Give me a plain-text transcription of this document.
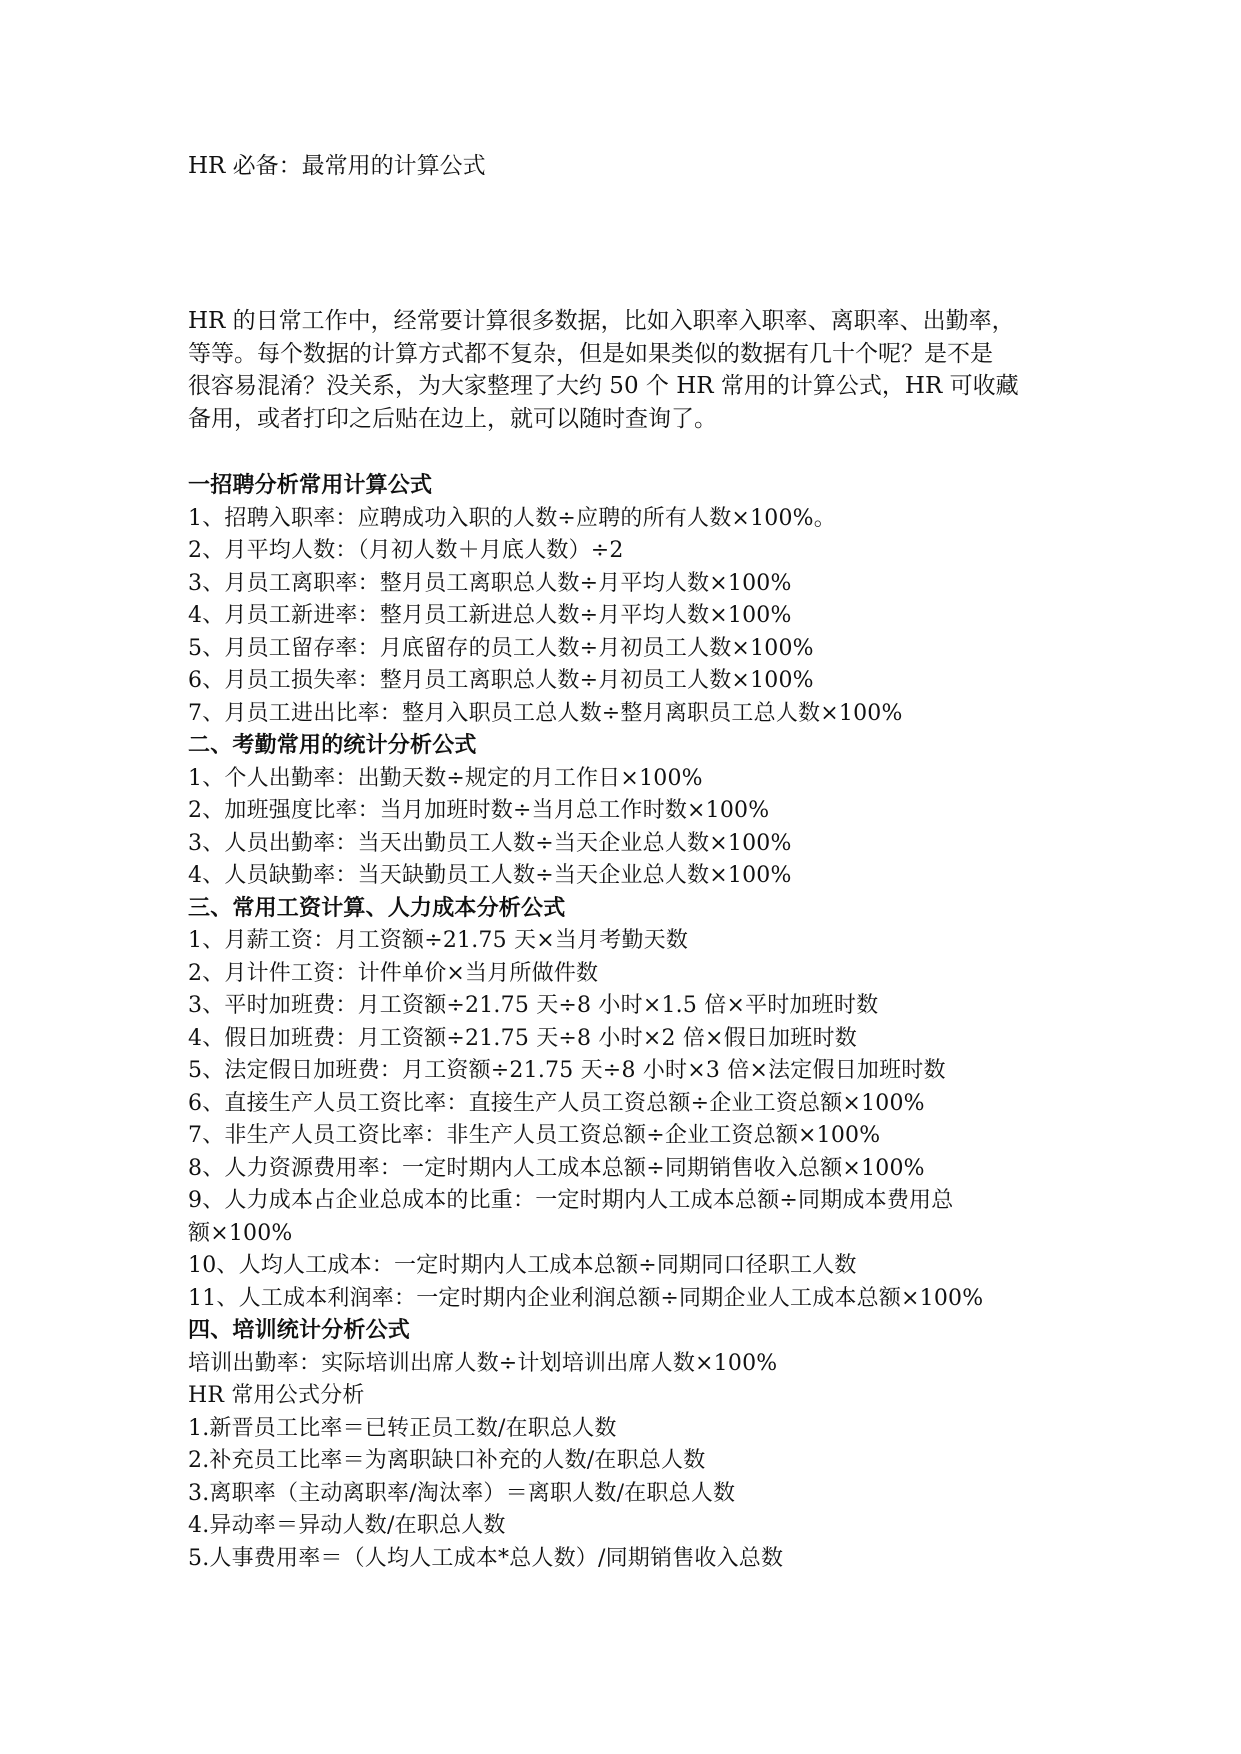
HR 必备：最常用的计算公式

HR 的日常工作中，经常要计算很多数据，比如入职率入职率、离职率、出勤率，

等等。每个数据的计算方式都不复杂，但是如果类似的数据有几十个呢？是不是

很容易混淆？没关系，为大家整理了大约 50 个 HR 常用的计算公式，HR 可收藏

备用，或者打印之后贴在边上，就可以随时查询了。

一招聘分析常用计算公式
1、招聘入职率：应聘成功入职的人数÷应聘的所有人数×100%。
2、月平均人数：（月初人数＋月底人数）÷2
3、月员工离职率：整月员工离职总人数÷月平均人数×100%
4、月员工新进率：整月员工新进总人数÷月平均人数×100%
5、月员工留存率：月底留存的员工人数÷月初员工人数×100%
6、月员工损失率：整月员工离职总人数÷月初员工人数×100%
7、月员工进出比率：整月入职员工总人数÷整月离职员工总人数×100%
二、考勤常用的统计分析公式
1、个人出勤率：出勤天数÷规定的月工作日×100%
2、加班强度比率：当月加班时数÷当月总工作时数×100%
3、人员出勤率：当天出勤员工人数÷当天企业总人数×100%
4、人员缺勤率：当天缺勤员工人数÷当天企业总人数×100%
三、常用工资计算、人力成本分析公式
1、月薪工资：月工资额÷21.75 天×当月考勤天数
2、月计件工资：计件单价×当月所做件数
3、平时加班费：月工资额÷21.75 天÷8 小时×1.5 倍×平时加班时数
4、假日加班费：月工资额÷21.75 天÷8 小时×2 倍×假日加班时数
5、法定假日加班费：月工资额÷21.75 天÷8 小时×3 倍×法定假日加班时数
6、直接生产人员工资比率：直接生产人员工资总额÷企业工资总额×100%
7、非生产人员工资比率：非生产人员工资总额÷企业工资总额×100%
8、人力资源费用率：一定时期内人工成本总额÷同期销售收入总额×100%
9、人力成本占企业总成本的比重：一定时期内人工成本总额÷同期成本费用总
额×100%
10、人均人工成本：一定时期内人工成本总额÷同期同口径职工人数
11、人工成本利润率：一定时期内企业利润总额÷同期企业人工成本总额×100%
四、培训统计分析公式
培训出勤率：实际培训出席人数÷计划培训出席人数×100%
HR 常用公式分析
1.新晋员工比率＝已转正员工数/在职总人数
2.补充员工比率＝为离职缺口补充的人数/在职总人数
3.离职率（主动离职率/淘汰率）＝离职人数/在职总人数
4.异动率＝异动人数/在职总人数
5.人事费用率＝（人均人工成本*总人数）/同期销售收入总数
